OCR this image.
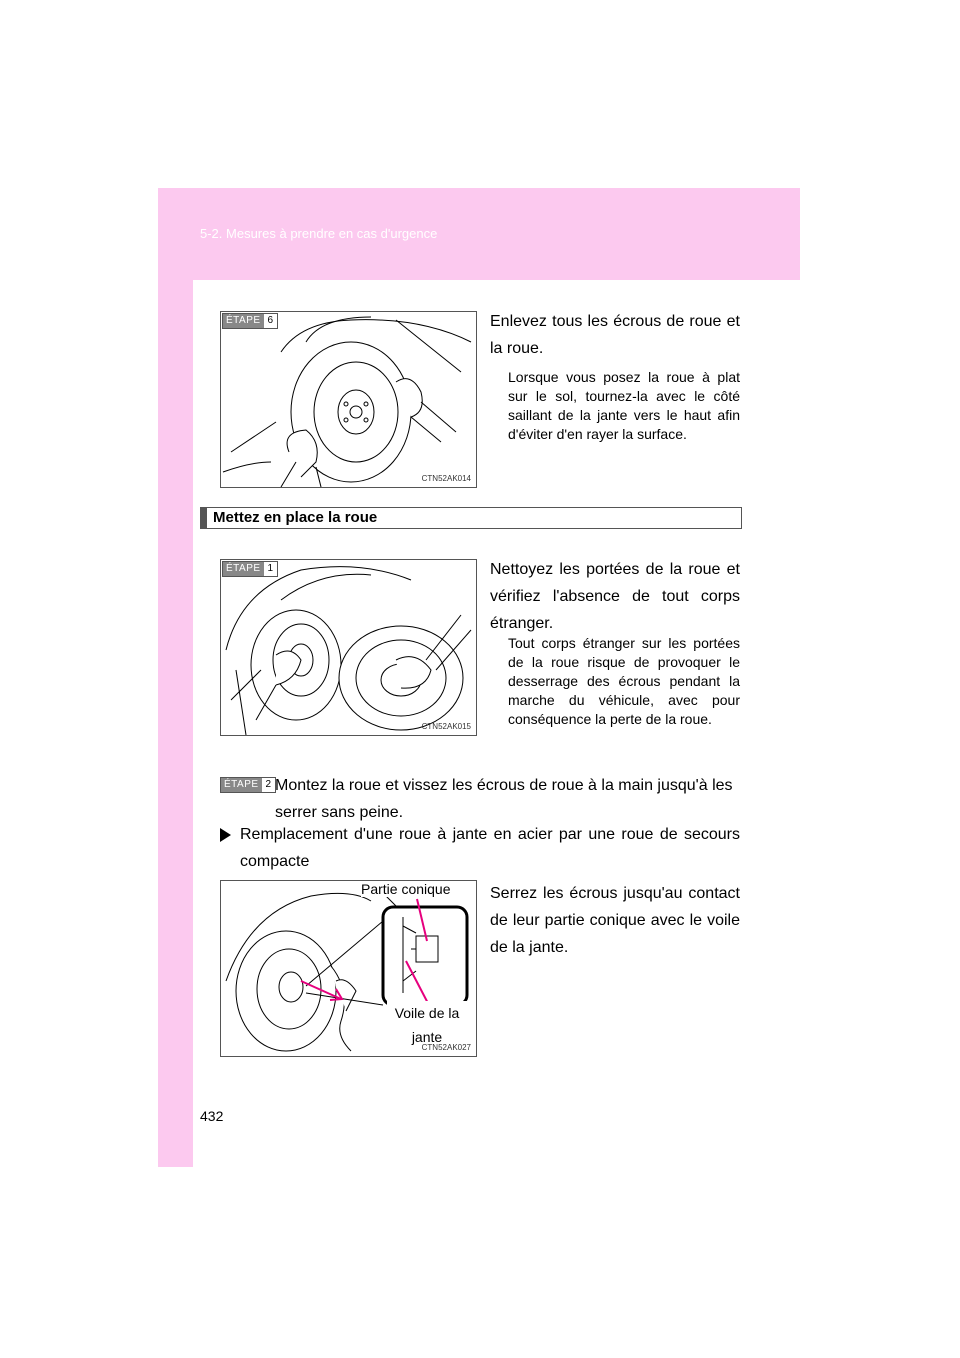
5-2. Mesures à prendre en cas d'urgence
ÉTAPE 6
CTN52AK014
Enlevez tous les écrous de roue et la roue.
Lorsque vous posez la roue à plat sur le sol, tournez-la avec le côté saillant de la jante vers le haut afin d'éviter d'en rayer la surface.
Mettez en place la roue
ÉTAPE 1
CTN52AK015
Nettoyez les portées de la roue et vérifiez l'absence de tout corps étranger.
Tout corps étranger sur les portées de la roue risque de provoquer le desserrage des écrous pendant la marche du véhicule, avec pour conséquence la perte de la roue.
ÉTAPE 2 Montez la roue et vissez les écrous de roue à la main jusqu'à les serrer sans peine.
Remplacement d'une roue à jante en acier par une roue de secours compacte
Partie conique
Voile de la jante
CTN52AK027
Serrez les écrous jusqu'au contact de leur partie conique avec le voile de la jante.
432
